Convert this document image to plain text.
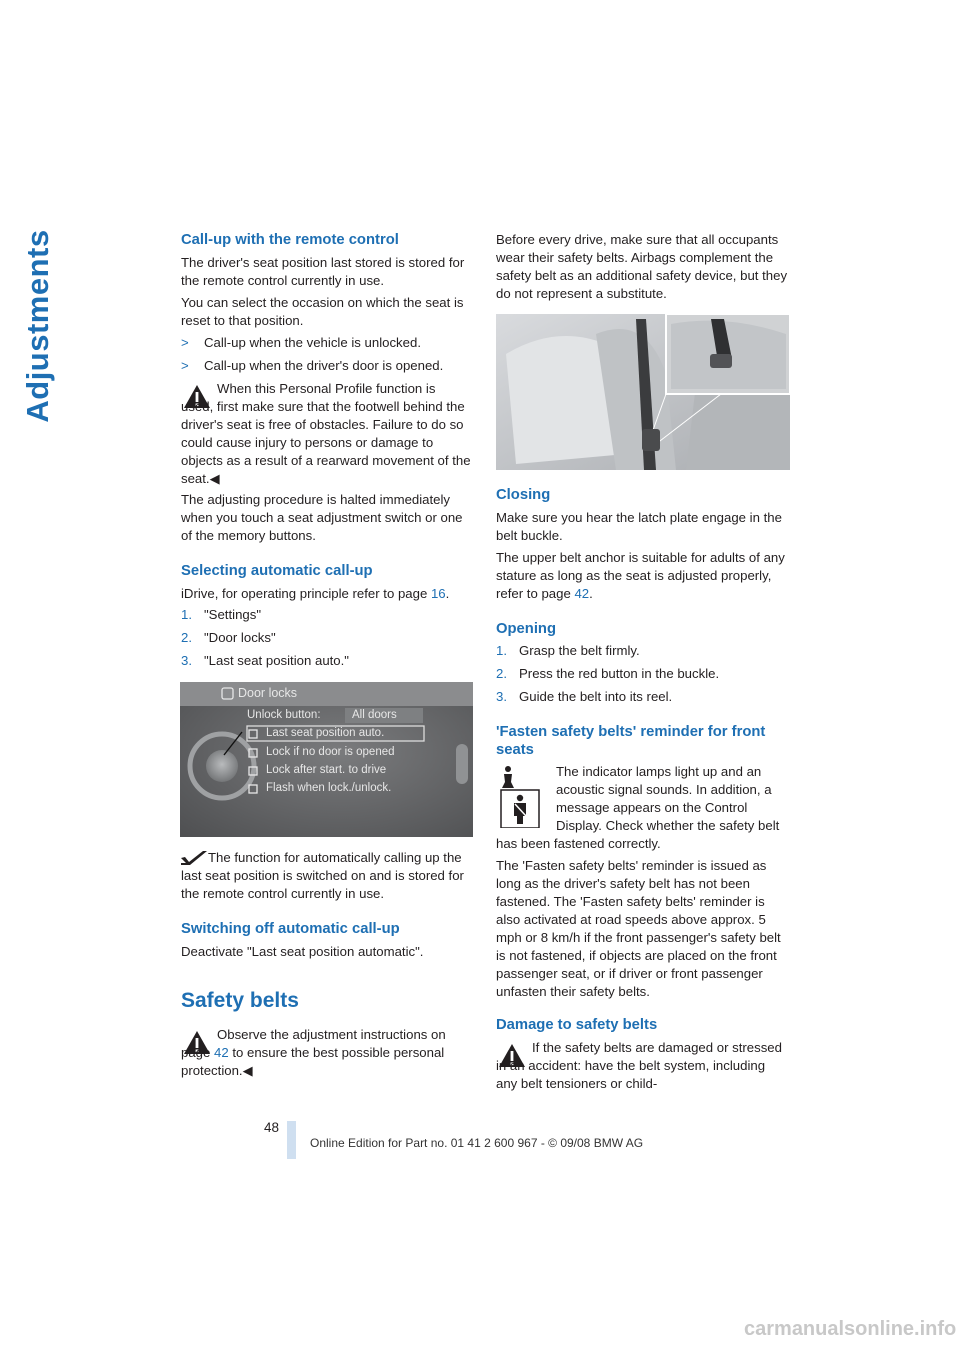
Adjustments	Call-up with the remote control

The driver's seat position last stored is stored for the remote control currently in use.

You can select the occasion on which the seat is reset to that position.

> Call-up when the vehicle is unlocked.
> Call-up when the driver's door is opened.

When this Personal Profile function is used, first make sure that the footwell behind the driver's seat is free of obstacles. Failure to do so could cause injury to persons or damage to objects as a result of a rearward movement of the seat.◀

The adjusting procedure is halted immediately when you touch a seat adjustment switch or one of the memory buttons.

Selecting automatic call-up

iDrive, for operating principle refer to page 16.

1. "Settings"
2. "Door locks"
3. "Last seat position auto."
Door locks
Unlock button:	All doors
Last seat position auto.
Lock if no door is opened
Lock after start. to drive
Flash when lock./unlock.

The function for automatically calling up the last seat position is switched on and is stored for the remote control currently in use.

Switching off automatic call-up

Deactivate "Last seat position automatic".

Safety belts

Observe the adjustment instructions on page 42 to ensure the best possible personal protection.◀

Before every drive, make sure that all occupants wear their safety belts. Airbags complement the safety belt as an additional safety device, but they do not represent a substitute.

Closing

Make sure you hear the latch plate engage in the belt buckle.

The upper belt anchor is suitable for adults of any stature as long as the seat is adjusted properly, refer to page 42.

Opening
1. Grasp the belt firmly.
2. Press the red button in the buckle.
3. Guide the belt into its reel.
'Fasten safety belts' reminder for front seats

The indicator lamps light up and an acoustic signal sounds. In addition, a message appears on the Control Display. Check whether the safety belt has been fastened correctly.

The 'Fasten safety belts' reminder is issued as long as the driver's safety belt has not been fastened. The 'Fasten safety belts' reminder is also activated at road speeds above approx. 5 mph or 8 km/h if the front passenger's safety belt is not fastened, if objects are placed on the front passenger seat, or if driver or front passenger unfasten their safety belts.

Damage to safety belts

If the safety belts are damaged or stressed in an accident: have the belt system, including any belt tensioners or child-

48
Online Edition for Part no. 01 41 2 600 967 - © 09/08 BMW AG
carmanualsonline.info
